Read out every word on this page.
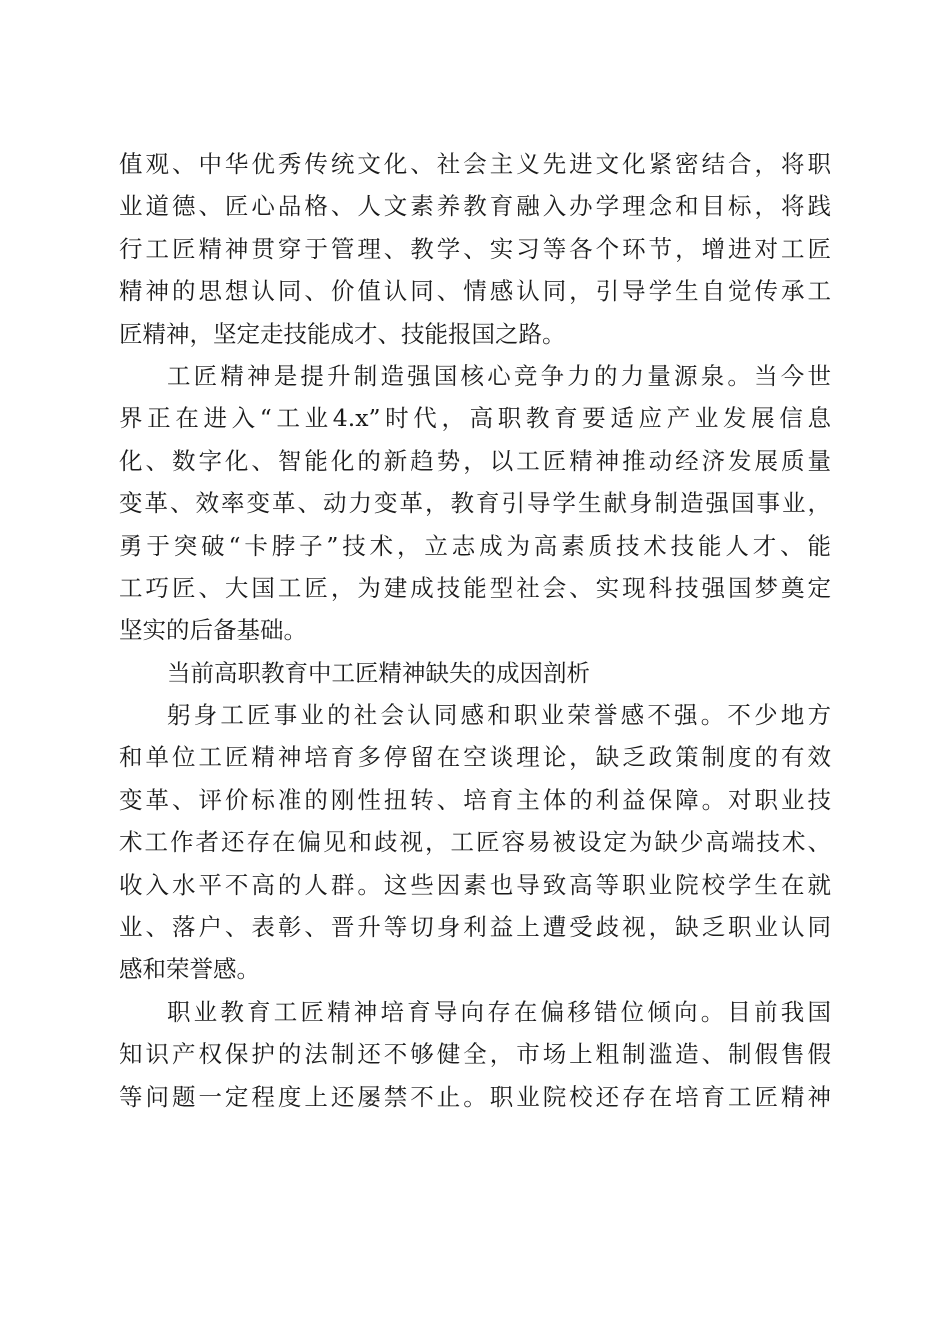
值观、中华优秀传统文化、社会主义先进文化紧密结合，将职
业道德、匠心品格、人文素养教育融入办学理念和目标，将践
行工匠精神贯穿于管理、教学、实习等各个环节，增进对工匠
精神的思想认同、价值认同、情感认同，引导学生自觉传承工
匠精神，坚定走技能成才、技能报国之路。
工匠精神是提升制造强国核心竞争力的力量源泉。当今世
界正在进入“工业4.x”时代，高职教育要适应产业发展信息
化、数字化、智能化的新趋势，以工匠精神推动经济发展质量
变革、效率变革、动力变革，教育引导学生献身制造强国事业，
勇于突破“卡脖子”技术，立志成为高素质技术技能人才、能
工巧匠、大国工匠，为建成技能型社会、实现科技强国梦奠定
坚实的后备基础。
当前高职教育中工匠精神缺失的成因剖析
躬身工匠事业的社会认同感和职业荣誉感不强。不少地方
和单位工匠精神培育多停留在空谈理论，缺乏政策制度的有效
变革、评价标准的刚性扭转、培育主体的利益保障。对职业技
术工作者还存在偏见和歧视，工匠容易被设定为缺少高端技术、
收入水平不高的人群。这些因素也导致高等职业院校学生在就
业、落户、表彰、晋升等切身利益上遭受歧视，缺乏职业认同
感和荣誉感。
职业教育工匠精神培育导向存在偏移错位倾向。目前我国
知识产权保护的法制还不够健全，市场上粗制滥造、制假售假
等问题一定程度上还屡禁不止。职业院校还存在培育工匠精神
